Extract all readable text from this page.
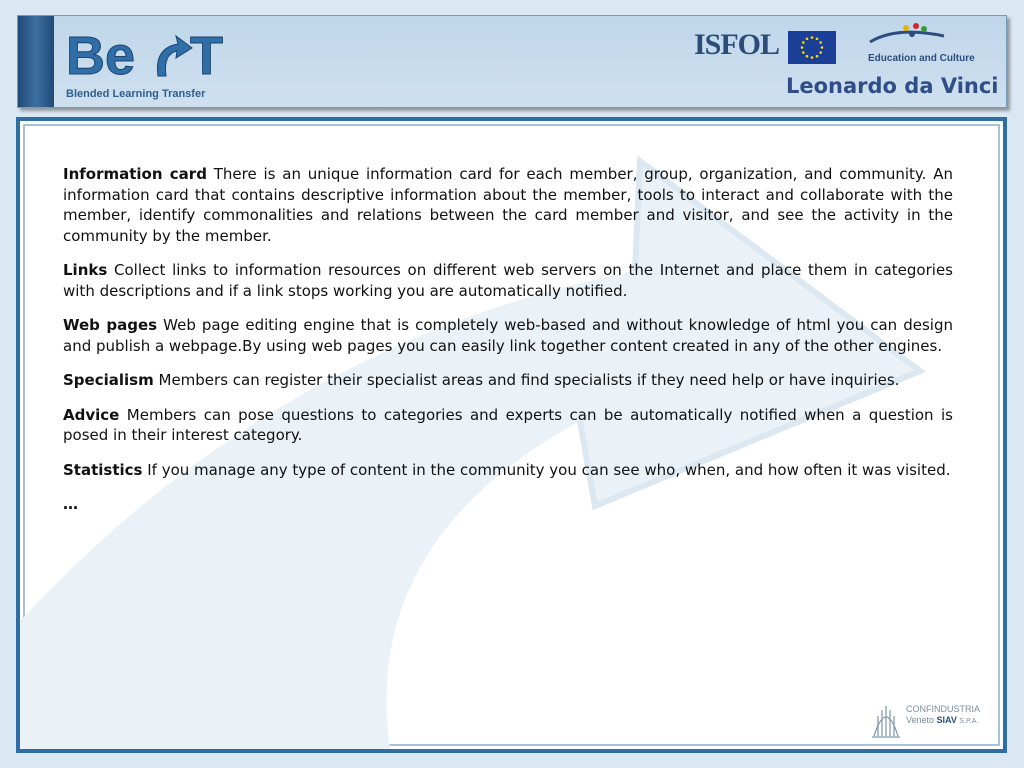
Be T
Blended Learning Transfer
ISFOL	Education and Culture
Leonardo da Vinci

Information card There is an unique information card for each member, group, organization, and community. An information card that contains descriptive information about the member, tools to interact and collaborate with the member, identify commonalities and relations between the card member and visitor, and see the activity in the community by the member.

Links Collect links to information resources on different web servers on the Internet and place them in categories with descriptions and if a link stops working you are automatically notified.

Web pages Web page editing engine that is completely web-based and without knowledge of html you can design and publish a webpage.By using web pages you can easily link together content created in any of the other engines.

Specialism Members can register their specialist areas and find specialists if they need help or have inquiries.

Advice Members can pose questions to categories and experts can be automatically notified when a question is posed in their interest category.

Statistics If you manage any type of content in the community you can see who, when, and how often it was visited.

…
CONFINDUSTRIA
Veneto SIAV S.P.A.
